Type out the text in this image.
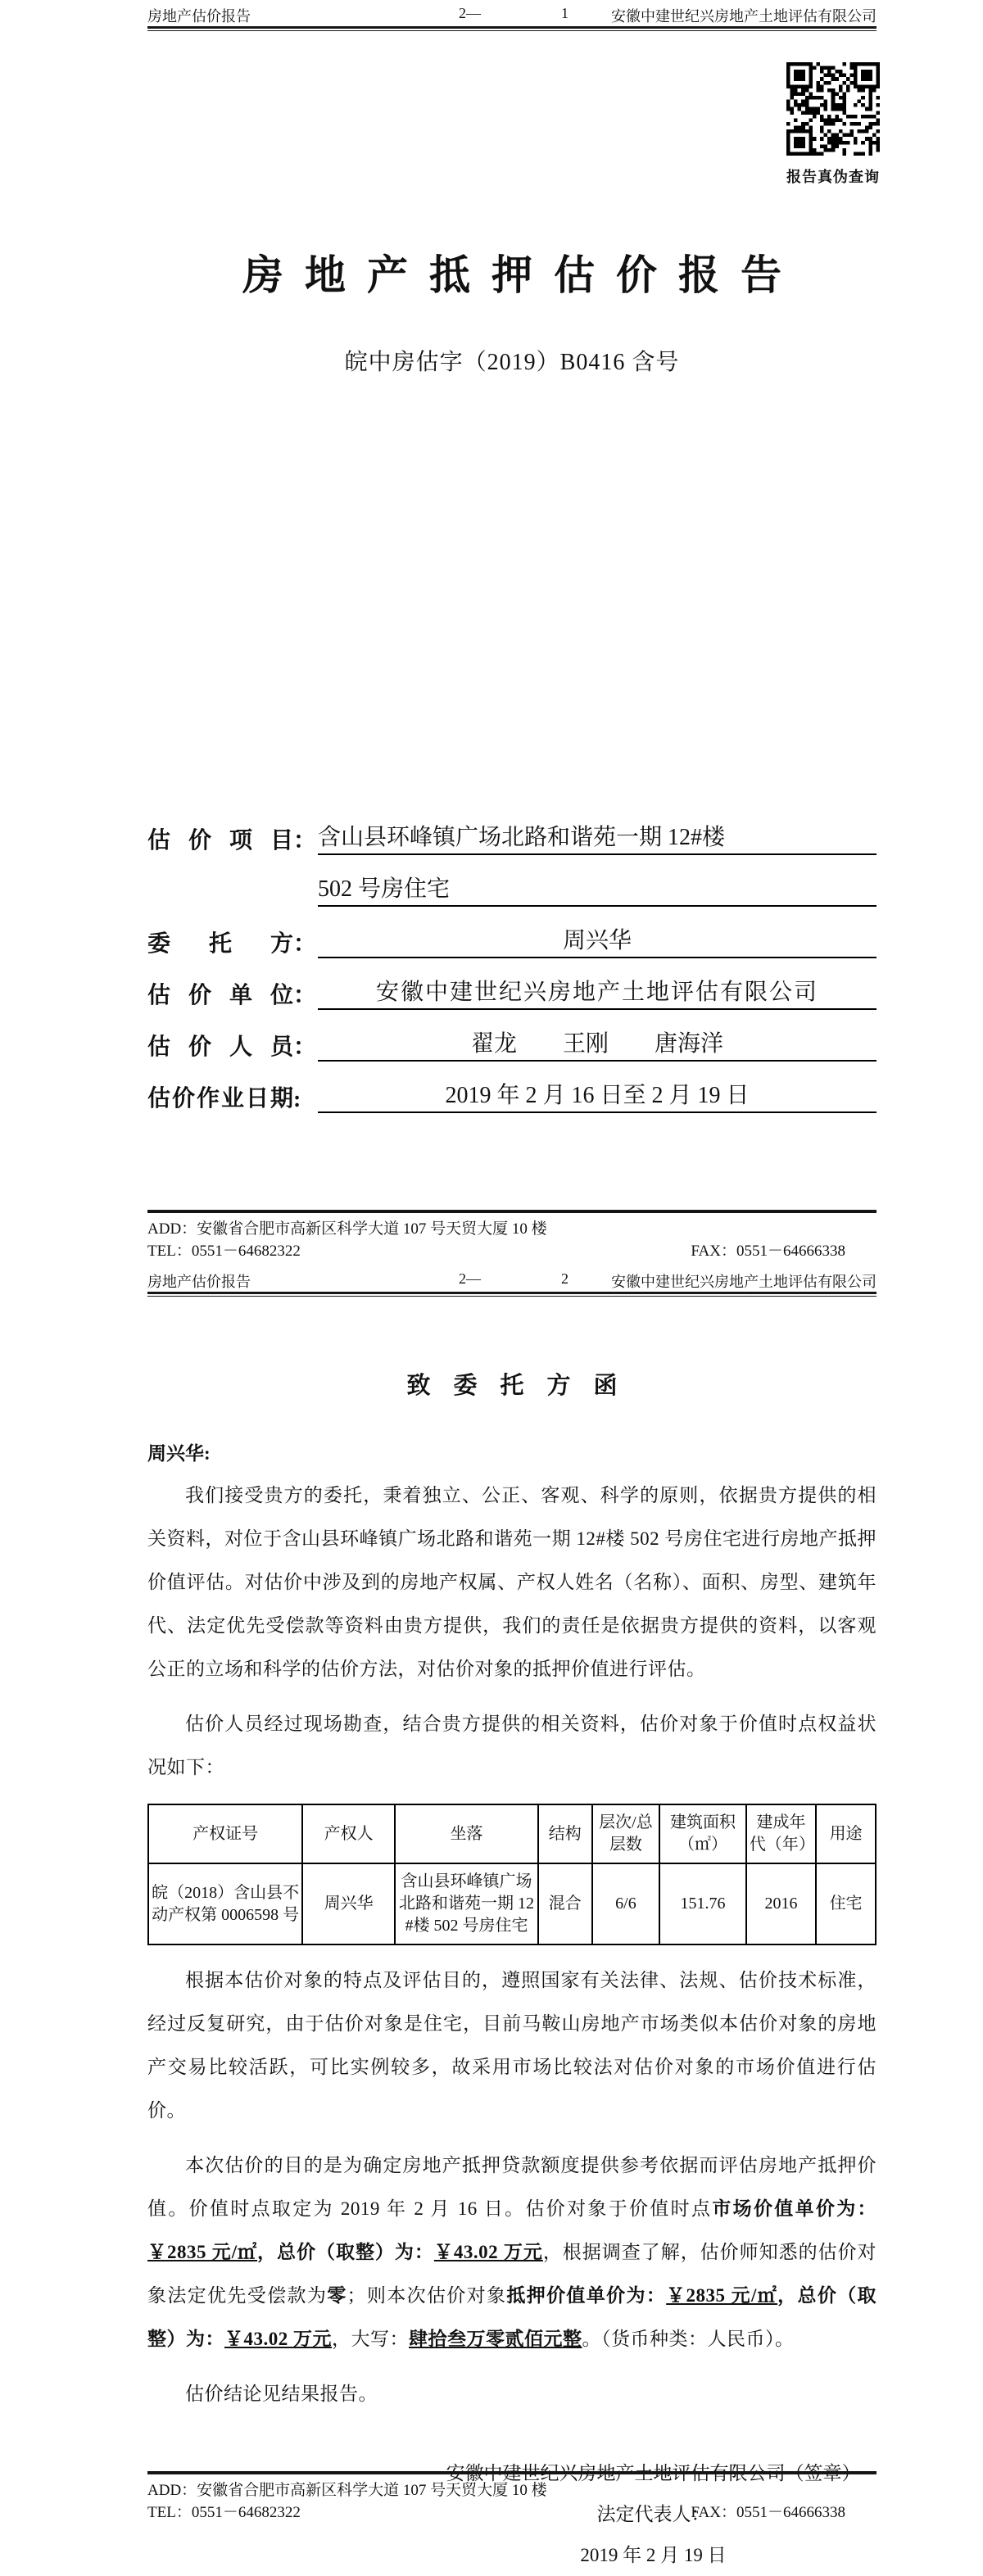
房地产估价报告	2—	1	安徽中建世纪兴房地产土地评估有限公司
报告真伪查询
房地产抵押估价报告
皖中房估字（2019）B0416 含号
估价项目 ： 含山县环峰镇广场北路和谐苑一期 12#楼
502 号房住宅
委托方 ：	周兴华
估价单位 ：	安徽中建世纪兴房地产土地评估有限公司
估价人员 ：	翟龙　　王刚　　唐海洋
估价作业日期 :	2019 年 2 月 16 日至 2 月 19 日
ADD：安徽省合肥市高新区科学大道 107 号天贸大厦 10 楼
TEL：0551－64682322	FAX：0551－64666338
房地产估价报告	2—	2	安徽中建世纪兴房地产土地评估有限公司
致委托方函
周兴华:

我们接受贵方的委托，秉着独立、公正、客观、科学的原则，依据贵方提供的相关资料，对位于含山县环峰镇广场北路和谐苑一期 12#楼 502 号房住宅进行房地产抵押价值评估。对估价中涉及到的房地产权属、产权人姓名（名称）、面积、房型、建筑年代、法定优先受偿款等资料由贵方提供，我们的责任是依据贵方提供的资料，以客观公正的立场和科学的估价方法，对估价对象的抵押价值进行评估。

估价人员经过现场勘查，结合贵方提供的相关资料，估价对象于价值时点权益状况如下：

产权证号	产权人	坐落	结构	层次/总层数	建筑面积（㎡）	建成年代（年）	用途
皖（2018）含山县不动产权第 0006598 号	周兴华	含山县环峰镇广场北路和谐苑一期 12#楼 502 号房住宅	混合	6/6	151.76	2016	住宅

根据本估价对象的特点及评估目的，遵照国家有关法律、法规、估价技术标准，经过反复研究，由于估价对象是住宅，目前马鞍山房地产市场类似本估价对象的房地产交易比较活跃，可比实例较多，故采用市场比较法对估价对象的市场价值进行估价。

本次估价的目的是为确定房地产抵押贷款额度提供参考依据而评估房地产抵押价值。价值时点取定为 2019 年 2 月 16 日。估价对象于价值时点市场价值单价为：￥2835 元/㎡，总价（取整）为：￥43.02 万元，根据调查了解，估价师知悉的估价对象法定优先受偿款为零；则本次估价对象抵押价值单价为：￥2835 元/㎡，总价（取整）为：￥43.02 万元，大写：肆拾叁万零贰佰元整。（货币种类：人民币）。

估价结论见结果报告。

安徽中建世纪兴房地产土地评估有限公司（签章）
法定代表人：
2019 年 2 月 19 日
ADD：安徽省合肥市高新区科学大道 107 号天贸大厦 10 楼
TEL：0551－64682322	FAX：0551－64666338
